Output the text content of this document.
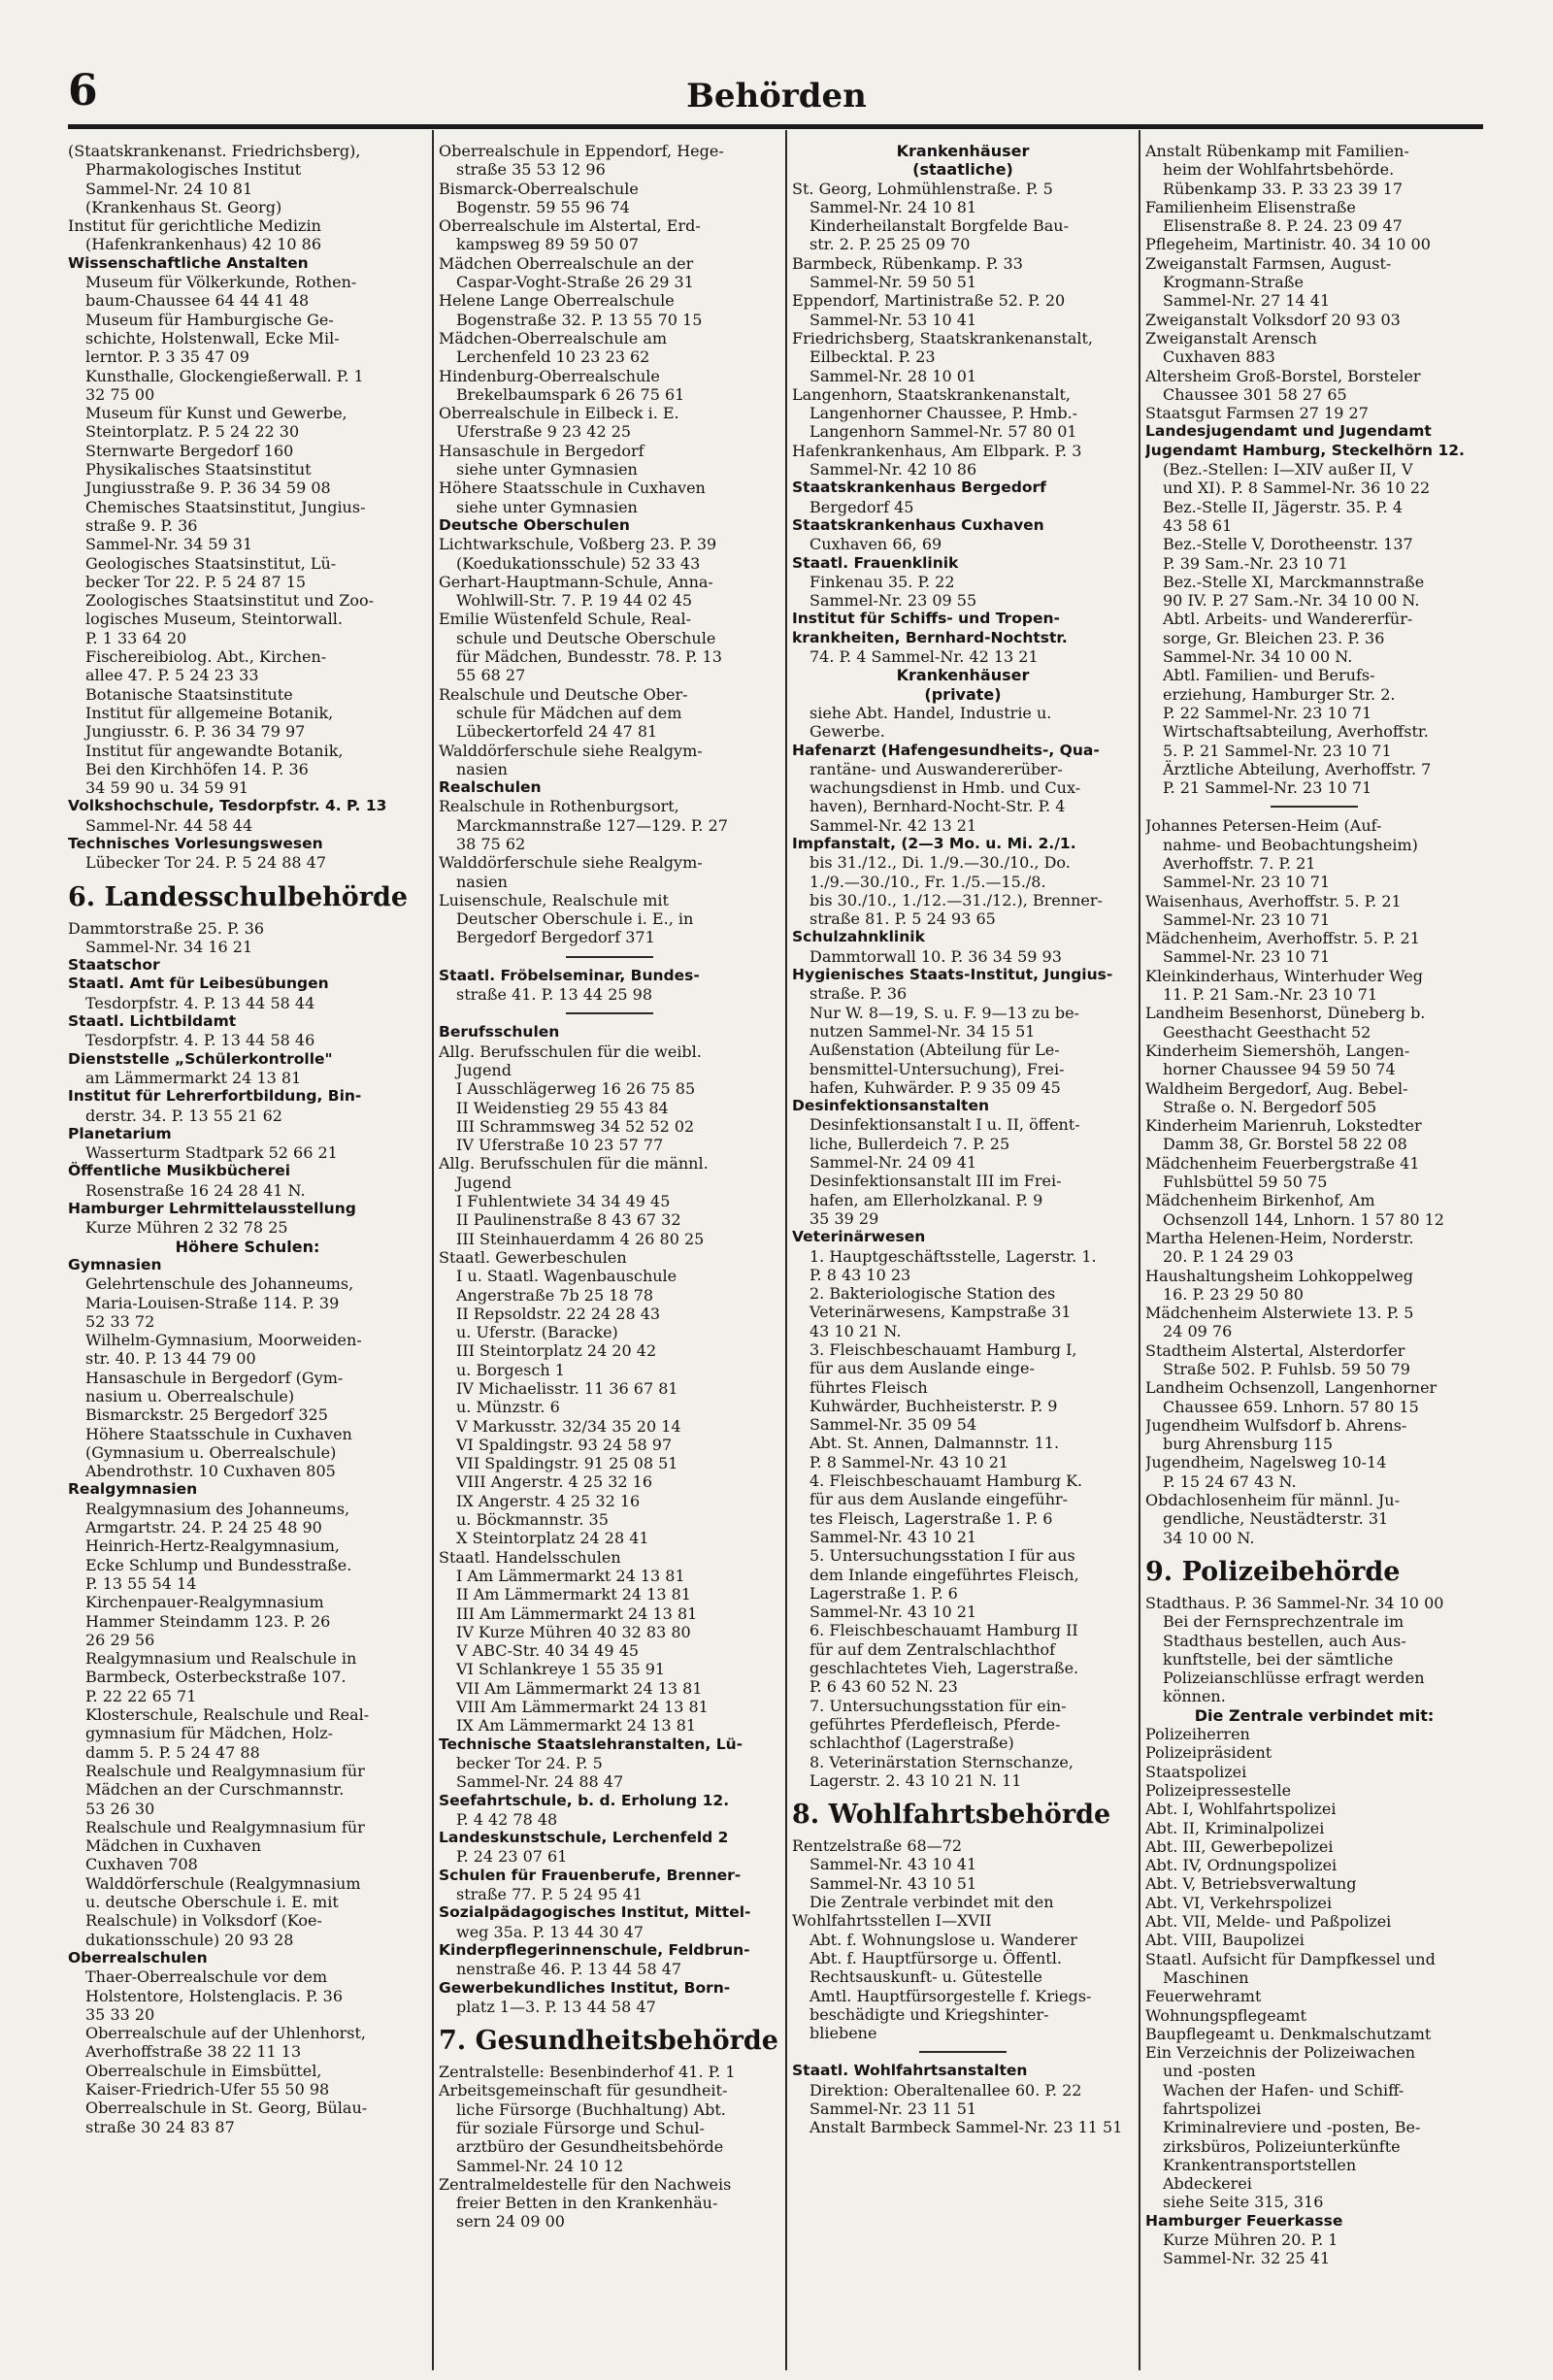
6	Behörden
(Staatskrankenanst. Friedrichsberg),
Pharmakologisches Institut
Sammel-Nr. 24 10 81
(Krankenhaus St. Georg)
Institut für gerichtliche Medizin
(Hafenkrankenhaus) 42 10 86
Wissenschaftliche Anstalten
Museum für Völkerkunde, Rothen-
baum-Chaussee 64 44 41 48
Museum für Hamburgische Ge-
schichte, Holstenwall, Ecke Mil-
lerntor. P. 3 35 47 09
Kunsthalle, Glockengießerwall. P. 1
32 75 00
Museum für Kunst und Gewerbe,
Steintorplatz. P. 5 24 22 30
Sternwarte Bergedorf 160
Physikalisches Staatsinstitut
Jungiusstraße 9. P. 36 34 59 08
Chemisches Staatsinstitut, Jungius-
straße 9. P. 36
Sammel-Nr. 34 59 31
Geologisches Staatsinstitut, Lü-
becker Tor 22. P. 5 24 87 15
Zoologisches Staatsinstitut und Zoo-
logisches Museum, Steintorwall.
P. 1 33 64 20
Fischereibiolog. Abt., Kirchen-
allee 47. P. 5 24 23 33
Botanische Staatsinstitute
Institut für allgemeine Botanik,
Jungiusstr. 6. P. 36 34 79 97
Institut für angewandte Botanik,
Bei den Kirchhöfen 14. P. 36
34 59 90 u. 34 59 91
Volkshochschule, Tesdorpfstr. 4. P. 13
Sammel-Nr. 44 58 44
Technisches Vorlesungswesen
Lübecker Tor 24. P. 5 24 88 47
6. Landesschulbehörde
Dammtorstraße 25. P. 36
Sammel-Nr. 34 16 21
Staatschor
Staatl. Amt für Leibesübungen
Tesdorpfstr. 4. P. 13 44 58 44
Staatl. Lichtbildamt
Tesdorpfstr. 4. P. 13 44 58 46
Dienststelle „Schülerkontrolle"
am Lämmermarkt 24 13 81
Institut für Lehrerfortbildung, Bin-
derstr. 34. P. 13 55 21 62
Planetarium
Wasserturm Stadtpark 52 66 21
Öffentliche Musikbücherei
Rosenstraße 16 24 28 41 N.
Hamburger Lehrmittelausstellung
Kurze Mühren 2 32 78 25
Höhere Schulen:
Gymnasien
Gelehrtenschule des Johanneums,
Maria-Louisen-Straße 114. P. 39
52 33 72
Wilhelm-Gymnasium, Moorweiden-
str. 40. P. 13 44 79 00
Hansaschule in Bergedorf (Gym-
nasium u. Oberrealschule)
Bismarckstr. 25 Bergedorf 325
Höhere Staatsschule in Cuxhaven
(Gymnasium u. Oberrealschule)
Abendrothstr. 10 Cuxhaven 805
Realgymnasien
Realgymnasium des Johanneums,
Armgartstr. 24. P. 24 25 48 90
Heinrich-Hertz-Realgymnasium,
Ecke Schlump und Bundesstraße.
P. 13 55 54 14
Kirchenpauer-Realgymnasium
Hammer Steindamm 123. P. 26
26 29 56
Realgymnasium und Realschule in
Barmbeck, Osterbeckstraße 107.
P. 22 22 65 71
Klosterschule, Realschule und Real-
gymnasium für Mädchen, Holz-
damm 5. P. 5 24 47 88
Realschule und Realgymnasium für
Mädchen an der Curschmannstr.
53 26 30
Realschule und Realgymnasium für
Mädchen in Cuxhaven
Cuxhaven 708
Walddörferschule (Realgymnasium
u. deutsche Oberschule i. E. mit
Realschule) in Volksdorf (Koe-
dukationsschule) 20 93 28
Oberrealschulen
Thaer-Oberrealschule vor dem
Holstentore, Holstenglacis. P. 36
35 33 20
Oberrealschule auf der Uhlenhorst,
Averhoffstraße 38 22 11 13
Oberrealschule in Eimsbüttel,
Kaiser-Friedrich-Ufer 55 50 98
Oberrealschule in St. Georg, Bülau-
straße 30 24 83 87
Oberrealschule in Eppendorf, Hege-
straße 35 53 12 96
Bismarck-Oberrealschule
Bogenstr. 59 55 96 74
Oberrealschule im Alstertal, Erd-
kampsweg 89 59 50 07
Mädchen Oberrealschule an der
Caspar-Voght-Straße 26 29 31
Helene Lange Oberrealschule
Bogenstraße 32. P. 13 55 70 15
Mädchen-Oberrealschule am
Lerchenfeld 10 23 23 62
Hindenburg-Oberrealschule
Brekelbaumspark 6 26 75 61
Oberrealschule in Eilbeck i. E.
Uferstraße 9 23 42 25
Hansaschule in Bergedorf
siehe unter Gymnasien
Höhere Staatsschule in Cuxhaven
siehe unter Gymnasien
Deutsche Oberschulen
Lichtwarkschule, Voßberg 23. P. 39
(Koedukationsschule) 52 33 43
Gerhart-Hauptmann-Schule, Anna-
Wohlwill-Str. 7. P. 19 44 02 45
Emilie Wüstenfeld Schule, Real-
schule und Deutsche Oberschule
für Mädchen, Bundesstr. 78. P. 13
55 68 27
Realschule und Deutsche Ober-
schule für Mädchen auf dem
Lübeckertorfeld 24 47 81
Walddörferschule siehe Realgym-
nasien
Realschulen
Realschule in Rothenburgsort,
Marckmannstraße 127—129. P. 27
38 75 62
Walddörferschule siehe Realgym-
nasien
Luisenschule, Realschule mit
Deutscher Oberschule i. E., in
Bergedorf Bergedorf 371
Staatl. Fröbelseminar, Bundes-
straße 41. P. 13 44 25 98
Berufsschulen
Allg. Berufsschulen für die weibl.
Jugend
I Ausschlägerweg 16 26 75 85
II Weidenstieg 29 55 43 84
III Schrammsweg 34 52 52 02
IV Uferstraße 10 23 57 77
Allg. Berufsschulen für die männl.
Jugend
I Fuhlentwiete 34 34 49 45
II Paulinenstraße 8 43 67 32
III Steinhauerdamm 4 26 80 25
Staatl. Gewerbeschulen
I u. Staatl. Wagenbauschule
Angerstraße 7b 25 18 78
II Repsoldstr. 22 24 28 43
u. Uferstr. (Baracke)
III Steintorplatz 24 20 42
u. Borgesch 1
IV Michaelisstr. 11 36 67 81
u. Münzstr. 6
V Markusstr. 32/34 35 20 14
VI Spaldingstr. 93 24 58 97
VII Spaldingstr. 91 25 08 51
VIII Angerstr. 4 25 32 16
IX Angerstr. 4 25 32 16
u. Böckmannstr. 35
X Steintorplatz 24 28 41
Staatl. Handelsschulen
I Am Lämmermarkt 24 13 81
II Am Lämmermarkt 24 13 81
III Am Lämmermarkt 24 13 81
IV Kurze Mühren 40 32 83 80
V ABC-Str. 40 34 49 45
VI Schlankreye 1 55 35 91
VII Am Lämmermarkt 24 13 81
VIII Am Lämmermarkt 24 13 81
IX Am Lämmermarkt 24 13 81
Technische Staatslehranstalten, Lü-
becker Tor 24. P. 5
Sammel-Nr. 24 88 47
Seefahrtschule, b. d. Erholung 12.
P. 4 42 78 48
Landeskunstschule, Lerchenfeld 2
P. 24 23 07 61
Schulen für Frauenberufe, Brenner-
straße 77. P. 5 24 95 41
Sozialpädagogisches Institut, Mittel-
weg 35a. P. 13 44 30 47
Kinderpflegerinnenschule, Feldbrun-
nenstraße 46. P. 13 44 58 47
Gewerbekundliches Institut, Born-
platz 1—3. P. 13 44 58 47
7. Gesundheitsbehörde
Zentralstelle: Besenbinderhof 41. P. 1
Arbeitsgemeinschaft für gesundheit-
liche Fürsorge (Buchhaltung) Abt.
für soziale Fürsorge und Schul-
arztbüro der Gesundheitsbehörde
Sammel-Nr. 24 10 12
Zentralmeldestelle für den Nachweis
freier Betten in den Krankenhäu-
sern 24 09 00
Krankenhäuser
(staatliche)
St. Georg, Lohmühlenstraße. P. 5
Sammel-Nr. 24 10 81
Kinderheilanstalt Borgfelde Bau-
str. 2. P. 25 25 09 70
Barmbeck, Rübenkamp. P. 33
Sammel-Nr. 59 50 51
Eppendorf, Martinistraße 52. P. 20
Sammel-Nr. 53 10 41
Friedrichsberg, Staatskrankenanstalt,
Eilbecktal. P. 23
Sammel-Nr. 28 10 01
Langenhorn, Staatskrankenanstalt,
Langenhorner Chaussee, P. Hmb.-
Langenhorn Sammel-Nr. 57 80 01
Hafenkrankenhaus, Am Elbpark. P. 3
Sammel-Nr. 42 10 86
Staatskrankenhaus Bergedorf
Bergedorf 45
Staatskrankenhaus Cuxhaven
Cuxhaven 66, 69
Staatl. Frauenklinik
Finkenau 35. P. 22
Sammel-Nr. 23 09 55
Institut für Schiffs- und Tropen-
krankheiten, Bernhard-Nochtstr.
74. P. 4 Sammel-Nr. 42 13 21
Krankenhäuser
(private)
siehe Abt. Handel, Industrie u.
Gewerbe.
Hafenarzt (Hafengesundheits-, Qua-
rantäne- und Auswandererüber-
wachungsdienst in Hmb. und Cux-
haven), Bernhard-Nocht-Str. P. 4
Sammel-Nr. 42 13 21
Impfanstalt, (2—3 Mo. u. Mi. 2./1.
bis 31./12., Di. 1./9.—30./10., Do.
1./9.—30./10., Fr. 1./5.—15./8.
bis 30./10., 1./12.—31./12.), Brenner-
straße 81. P. 5 24 93 65
Schulzahnklinik
Dammtorwall 10. P. 36 34 59 93
Hygienisches Staats-Institut, Jungius-
straße. P. 36
Nur W. 8—19, S. u. F. 9—13 zu be-
nutzen Sammel-Nr. 34 15 51
Außenstation (Abteilung für Le-
bensmittel-Untersuchung), Frei-
hafen, Kuhwärder. P. 9 35 09 45
Desinfektionsanstalten
Desinfektionsanstalt I u. II, öffent-
liche, Bullerdeich 7. P. 25
Sammel-Nr. 24 09 41
Desinfektionsanstalt III im Frei-
hafen, am Ellerholzkanal. P. 9
35 39 29
Veterinärwesen
1. Hauptgeschäftsstelle, Lagerstr. 1.
P. 8 43 10 23
2. Bakteriologische Station des
Veterinärwesens, Kampstraße 31
43 10 21 N.
3. Fleischbeschauamt Hamburg I,
für aus dem Auslande einge-
führtes Fleisch
Kuhwärder, Buchheisterstr. P. 9
Sammel-Nr. 35 09 54
Abt. St. Annen, Dalmannstr. 11.
P. 8 Sammel-Nr. 43 10 21
4. Fleischbeschauamt Hamburg K.
für aus dem Auslande eingeführ-
tes Fleisch, Lagerstraße 1. P. 6
Sammel-Nr. 43 10 21
5. Untersuchungsstation I für aus
dem Inlande eingeführtes Fleisch,
Lagerstraße 1. P. 6
Sammel-Nr. 43 10 21
6. Fleischbeschauamt Hamburg II
für auf dem Zentralschlachthof
geschlachtetes Vieh, Lagerstraße.
P. 6 43 60 52 N. 23
7. Untersuchungsstation für ein-
geführtes Pferdefleisch, Pferde-
schlachthof (Lagerstraße)
8. Veterinärstation Sternschanze,
Lagerstr. 2. 43 10 21 N. 11
8. Wohlfahrtsbehörde
Rentzelstraße 68—72
Sammel-Nr. 43 10 41
Sammel-Nr. 43 10 51
Die Zentrale verbindet mit den
Wohlfahrtsstellen I—XVII
Abt. f. Wohnungslose u. Wanderer
Abt. f. Hauptfürsorge u. Öffentl.
Rechtsauskunft- u. Gütestelle
Amtl. Hauptfürsorgestelle f. Kriegs-
beschädigte und Kriegshinter-
bliebene
Staatl. Wohlfahrtsanstalten
Direktion: Oberaltenallee 60. P. 22
Sammel-Nr. 23 11 51
Anstalt Barmbeck Sammel-Nr. 23 11 51
Anstalt Rübenkamp mit Familien-
heim der Wohlfahrtsbehörde.
Rübenkamp 33. P. 33 23 39 17
Familienheim Elisenstraße
Elisenstraße 8. P. 24. 23 09 47
Pflegeheim, Martinistr. 40. 34 10 00
Zweiganstalt Farmsen, August-
Krogmann-Straße
Sammel-Nr. 27 14 41
Zweiganstalt Volksdorf 20 93 03
Zweiganstalt Arensch
Cuxhaven 883
Altersheim Groß-Borstel, Borsteler
Chaussee 301 58 27 65
Staatsgut Farmsen 27 19 27
Landesjugendamt und Jugendamt
Jugendamt Hamburg, Steckelhörn 12.
(Bez.-Stellen: I—XIV außer II, V
und XI). P. 8 Sammel-Nr. 36 10 22
Bez.-Stelle II, Jägerstr. 35. P. 4
43 58 61
Bez.-Stelle V, Dorotheenstr. 137
P. 39 Sam.-Nr. 23 10 71
Bez.-Stelle XI, Marckmannstraße
90 IV. P. 27 Sam.-Nr. 34 10 00 N.
Abtl. Arbeits- und Wandererfür-
sorge, Gr. Bleichen 23. P. 36
Sammel-Nr. 34 10 00 N.
Abtl. Familien- und Berufs-
erziehung, Hamburger Str. 2.
P. 22 Sammel-Nr. 23 10 71
Wirtschaftsabteilung, Averhoffstr.
5. P. 21 Sammel-Nr. 23 10 71
Ärztliche Abteilung, Averhoffstr. 7
P. 21 Sammel-Nr. 23 10 71
Johannes Petersen-Heim (Auf-
nahme- und Beobachtungsheim)
Averhoffstr. 7. P. 21
Sammel-Nr. 23 10 71
Waisenhaus, Averhoffstr. 5. P. 21
Sammel-Nr. 23 10 71
Mädchenheim, Averhoffstr. 5. P. 21
Sammel-Nr. 23 10 71
Kleinkinderhaus, Winterhuder Weg
11. P. 21 Sam.-Nr. 23 10 71
Landheim Besenhorst, Düneberg b.
Geesthacht Geesthacht 52
Kinderheim Siemershöh, Langen-
horner Chaussee 94 59 50 74
Waldheim Bergedorf, Aug. Bebel-
Straße o. N. Bergedorf 505
Kinderheim Marienruh, Lokstedter
Damm 38, Gr. Borstel 58 22 08
Mädchenheim Feuerbergstraße 41
Fuhlsbüttel 59 50 75
Mädchenheim Birkenhof, Am
Ochsenzoll 144, Lnhorn. 1 57 80 12
Martha Helenen-Heim, Norderstr.
20. P. 1 24 29 03
Haushaltungsheim Lohkoppelweg
16. P. 23 29 50 80
Mädchenheim Alsterwiete 13. P. 5
24 09 76
Stadtheim Alstertal, Alsterdorfer
Straße 502. P. Fuhlsb. 59 50 79
Landheim Ochsenzoll, Langenhorner
Chaussee 659. Lnhorn. 57 80 15
Jugendheim Wulfsdorf b. Ahrens-
burg Ahrensburg 115
Jugendheim, Nagelsweg 10-14
P. 15 24 67 43 N.
Obdachlosenheim für männl. Ju-
gendliche, Neustädterstr. 31
34 10 00 N.
9. Polizeibehörde
Stadthaus. P. 36 Sammel-Nr. 34 10 00
Bei der Fernsprechzentrale im
Stadthaus bestellen, auch Aus-
kunftstelle, bei der sämtliche
Polizeianschlüsse erfragt werden
können.
Die Zentrale verbindet mit:
Polizeiherren
Polizeipräsident
Staatspolizei
Polizeipressestelle
Abt. I, Wohlfahrtspolizei
Abt. II, Kriminalpolizei
Abt. III, Gewerbepolizei
Abt. IV, Ordnungspolizei
Abt. V, Betriebsverwaltung
Abt. VI, Verkehrspolizei
Abt. VII, Melde- und Paßpolizei
Abt. VIII, Baupolizei
Staatl. Aufsicht für Dampfkessel und
Maschinen
Feuerwehramt
Wohnungspflegeamt
Baupflegeamt u. Denkmalschutzamt
Ein Verzeichnis der Polizeiwachen
und -posten
Wachen der Hafen- und Schiff-
fahrtspolizei
Kriminalreviere und -posten, Be-
zirksbüros, Polizeiunterkünfte
Krankentransportstellen
Abdeckerei
siehe Seite 315, 316
Hamburger Feuerkasse
Kurze Mühren 20. P. 1
Sammel-Nr. 32 25 41
